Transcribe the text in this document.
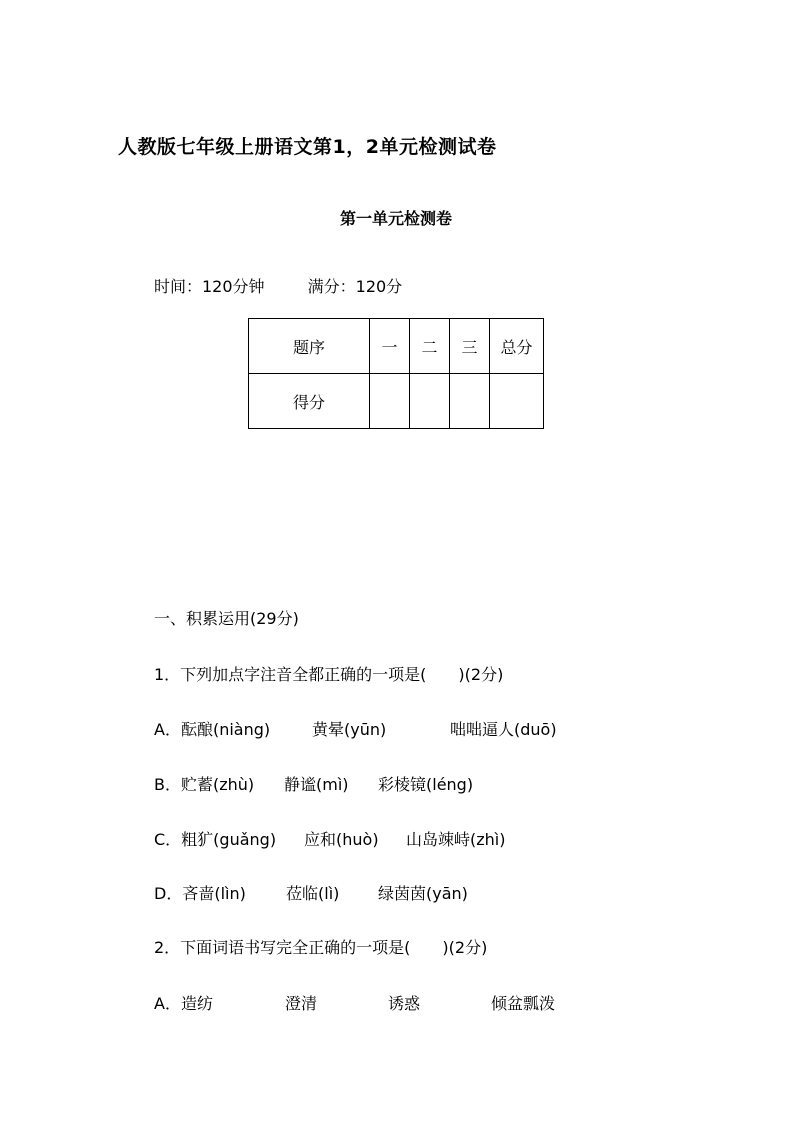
人教版七年级上册语文第1，2单元检测试卷
第一单元检测卷
时间：120分钟	满分：120分
题序	一	二	三	总分
得分				
一、积累运用(29分)
1．下列加点字注音全都正确的一项是(　　)(2分)
A．酝酿(niàng)	黄晕(yūn)	咄咄逼人(duō)
B．贮蓄(zhù) 静谧(mì) 彩棱镜(léng)
C．粗犷(guǎng) 应和(huò) 山岛竦峙(zhì)
D．吝啬(lìn)	莅临(lì) 绿茵茵(yān)
2．下面词语书写完全正确的一项是(　　)(2分)
A．造纺	澄清	诱惑	倾盆瓢泼
